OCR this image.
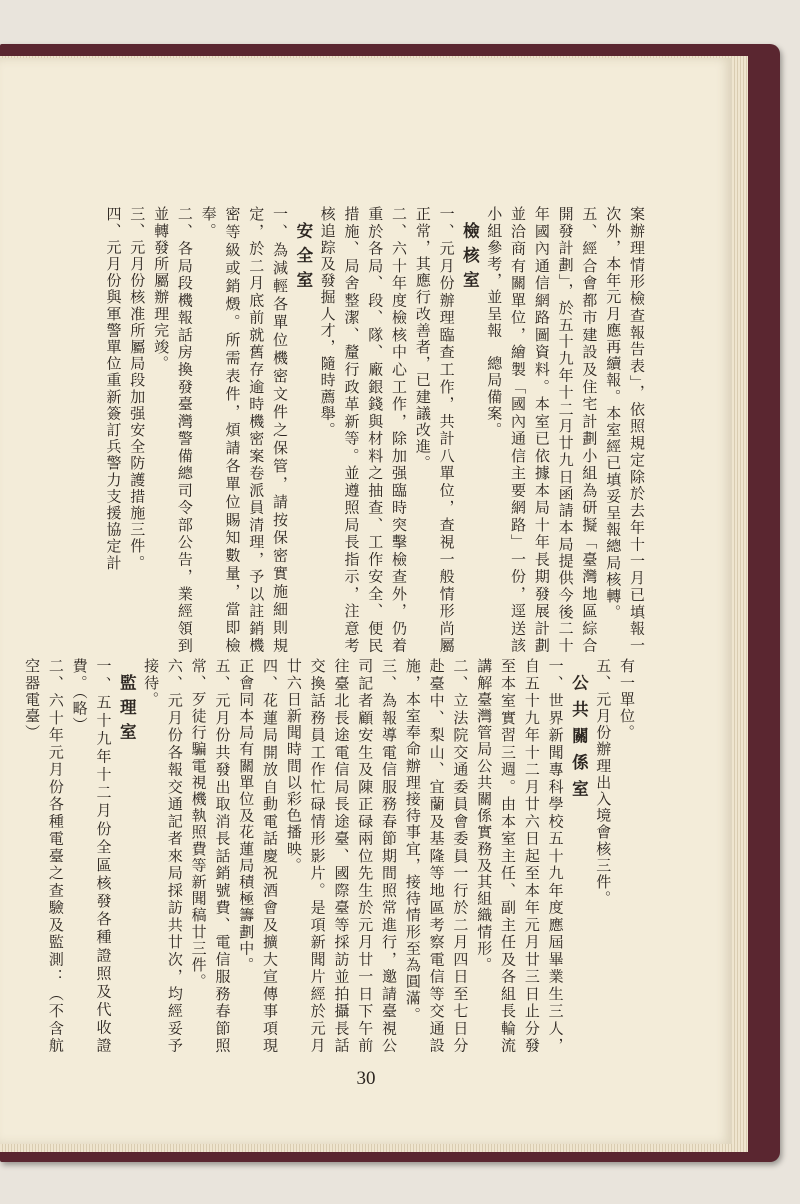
案辦理情形檢查報告表」，依照規定除於去年十一月已填報一次外，本年元月應再續報。本室經已填妥呈報總局核轉。

五、經合會都市建設及住宅計劃小組為研擬「臺灣地區綜合開發計劃」，於五十九年十二月廿九日函請本局提供今後二十年國內通信網路圖資料。本室已依據本局十年長期發展計劃並洽商有關單位，繪製「國內通信主要網路」一份，逕送該小組參考，並呈報　總局備案。

檢核室

一、元月份辦理臨查工作，共計八單位，查視一般情形尚屬正常，其應行改善者，已建議改進。

二、六十年度檢核中心工作，除加强臨時突擊檢查外，仍着重於各局、段、隊、廠銀錢與材料之抽查、工作安全、便民措施、局舍整潔、釐行政革新等。並遵照局長指示，注意考核追踪及發掘人才，隨時薦舉。

安全室

一、為減輕各單位機密文件之保管，請按保密實施細則規定，於二月底前就舊存逾時機密案卷派員清理，予以註銷機密等級或銷燬。所需表件，煩請各單位賜知數量，當即檢奉。

二、各局段機報話房換發臺灣警備總司令部公告，業經領到並轉發所屬辦理完竣。

三、元月份核准所屬局段加强安全防護措施三件。

四、元月份與軍警單位重新簽訂兵警力支援協定計

有一單位。

五、元月份辦理出入境會核三件。

公共關係室

一、世界新聞專科學校五十九年度應屆畢業生三人，自五十九年十二月廿六日起至本年元月廿三日止分發至本室實習三週。由本室主任、副主任及各組長輪流講解臺灣管局公共關係實務及其組織情形。

二、立法院交通委員會委員一行於二月四日至七日分赴臺中、梨山、宜蘭及基隆等地區考察電信等交通設施，本室奉命辦理接待事宜，接待情形至為圓滿。

三、為報導電信服務春節期間照常進行，邀請臺視公司記者顧安生及陳正碌兩位先生於元月廿一日下午前往臺北長途電信局長途臺、國際臺等採訪並拍攝長話交換話務員工作忙碌情形影片。是項新聞片經於元月廿六日新聞時間以彩色播映。

四、花蓮局開放自動電話慶祝酒會及擴大宣傳事項現正會同本局有關單位及花蓮局積極籌劃中。

五、元月份共發出取消長話銷號費、電信服務春節照常、歹徒行騙電視機執照費等新聞稿廿三件。

六、元月份各報交通記者來局採訪共廿次，均經妥予接待。

監理室

一、五十九年十二月份全區核發各種證照及代收證費。（略）

二、六十年元月份各種電臺之查驗及監測：（不含航空器電臺）

30
